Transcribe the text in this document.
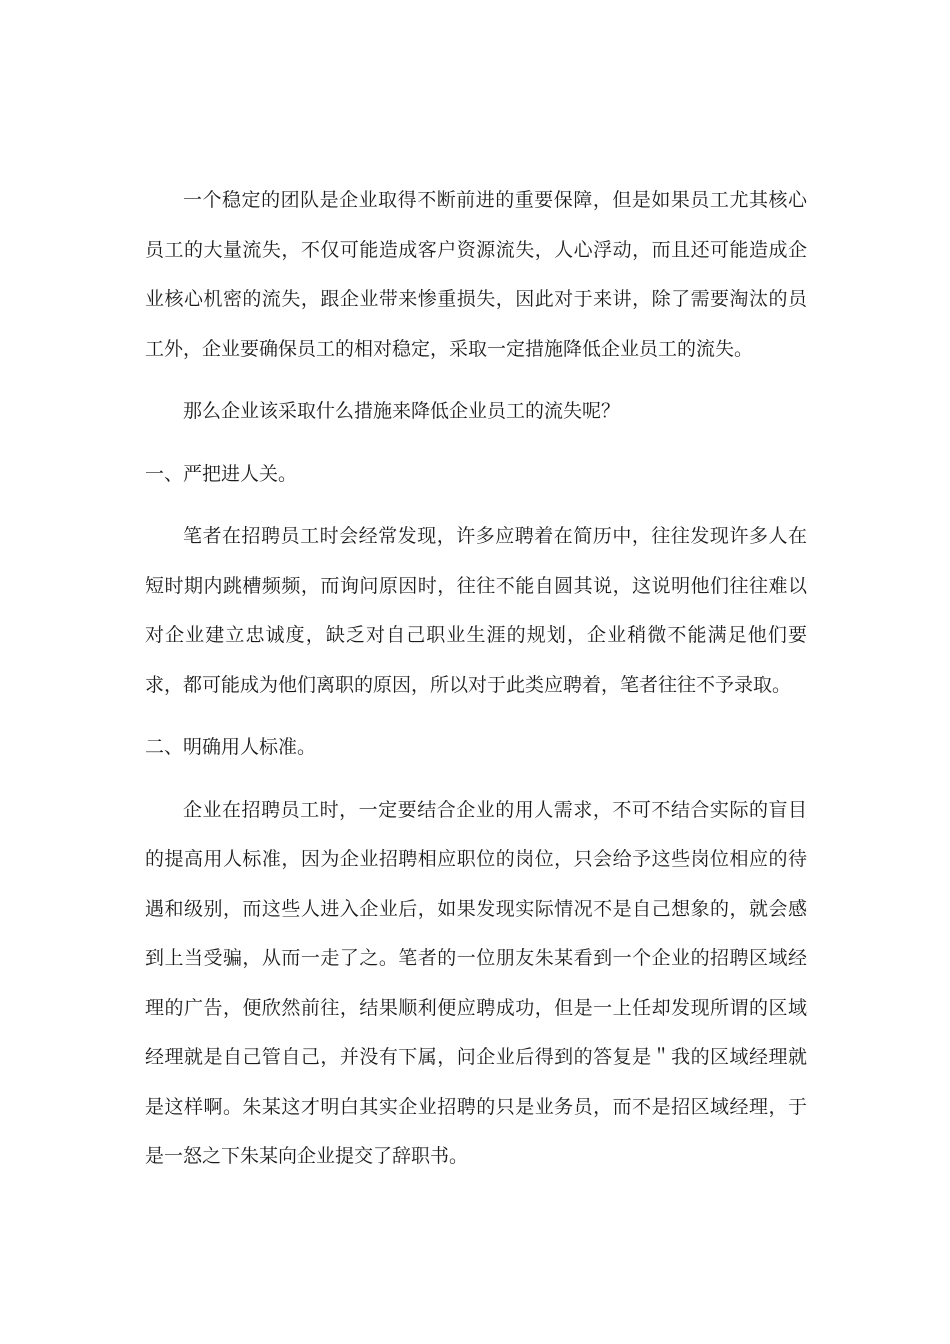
一个稳定的团队是企业取得不断前进的重要保障，但是如果员工尤其核心员工的大量流失，不仅可能造成客户资源流失，人心浮动，而且还可能造成企业核心机密的流失，跟企业带来惨重损失，因此对于来讲，除了需要淘汰的员工外，企业要确保员工的相对稳定，采取一定措施降低企业员工的流失。

那么企业该采取什么措施来降低企业员工的流失呢？

一、严把进人关。

笔者在招聘员工时会经常发现，许多应聘着在简历中，往往发现许多人在短时期内跳槽频频，而询问原因时，往往不能自圆其说，这说明他们往往难以对企业建立忠诚度，缺乏对自己职业生涯的规划，企业稍微不能满足他们要求，都可能成为他们离职的原因，所以对于此类应聘着，笔者往往不予录取。

二、明确用人标准。

企业在招聘员工时，一定要结合企业的用人需求，不可不结合实际的盲目的提高用人标准，因为企业招聘相应职位的岗位，只会给予这些岗位相应的待遇和级别，而这些人进入企业后，如果发现实际情况不是自己想象的，就会感到上当受骗，从而一走了之。笔者的一位朋友朱某看到一个企业的招聘区域经理的广告，便欣然前往，结果顺利便应聘成功，但是一上任却发现所谓的区域经理就是自己管自己，并没有下属，问企业后得到的答复是＂我的区域经理就是这样啊。朱某这才明白其实企业招聘的只是业务员，而不是招区域经理，于是一怒之下朱某向企业提交了辞职书。
